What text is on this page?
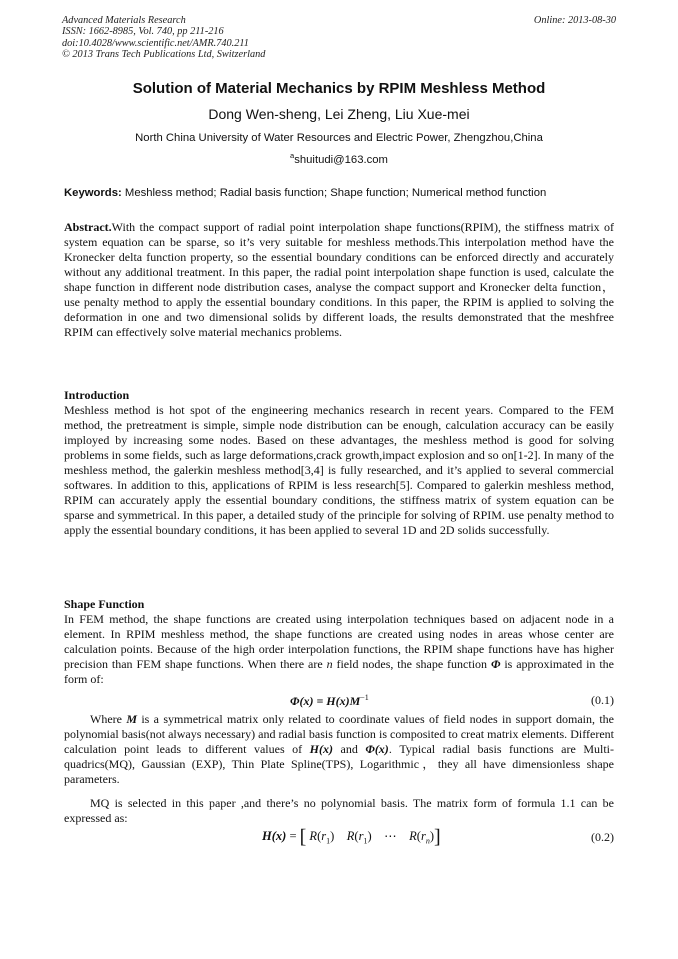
Advanced Materials Research
ISSN: 1662-8985, Vol. 740, pp 211-216
doi:10.4028/www.scientific.net/AMR.740.211
© 2013 Trans Tech Publications Ltd, Switzerland
Online: 2013-08-30
Solution of Material Mechanics by RPIM Meshless Method
Dong Wen-sheng, Lei Zheng, Liu Xue-mei
North China University of Water Resources and Electric Power, Zhengzhou,China
$^a$shuitudi@163.com
Keywords: Meshless method; Radial basis function; Shape function; Numerical method function
Abstract.With the compact support of radial point interpolation shape functions(RPIM), the stiffness matrix of system equation can be sparse, so it’s very suitable for meshless methods.This interpolation method have the Kronecker delta function property, so the essential boundary conditions can be enforced directly and accurately without any additional treatment. In this paper, the radial point interpolation shape function is used, calculate the shape function in different node distribution cases, analyse the compact support and Kronecker delta function，use penalty method to apply the essential boundary conditions. In this paper, the RPIM is applied to solving the deformation in one and two dimensional solids by different loads, the results demonstrated that the meshfree RPIM can effectively solve material mechanics problems.
Introduction
Meshless method is hot spot of the engineering mechanics research in recent years. Compared to the FEM method, the pretreatment is simple, simple node distribution can be enough, calculation accuracy can be easily imployed by increasing some nodes. Based on these advantages, the meshless method is good for solving problems in some fields, such as large deformations,crack growth,impact explosion and so on[1-2]. In many of the meshless method, the galerkin meshless method[3,4] is fully researched, and it’s applied to several commercial softwares. In addition to this, applications of RPIM is less research[5]. Compared to galerkin meshless method, RPIM can accurately apply the essential boundary conditions, the stiffness matrix of system equation can be sparse and symmetrical. In this paper, a detailed study of the principle for solving of RPIM. use penalty method to apply the essential boundary conditions, it has been applied to several 1D and 2D solids successfully.
Shape Function
In FEM method, the shape functions are created using interpolation techniques based on adjacent node in a element. In RPIM meshless method, the shape functions are created using nodes in areas whose center are calculation points. Because of the high order interpolation functions, the RPIM shape functions have has higher precision than FEM shape functions. When there are n field nodes, the shape function Φ is approximated in the form of:
$\Phi(x) = H(x)M^{-1}$	(0.1)
Where M is a symmetrical matrix only related to coordinate values of field nodes in support domain, the polynomial basis(not always necessary) and radial basis function is composited to creat matrix elements. Different calculation point leads to different values of H(x) and Φ(x). Typical radial basis functions are Multi-quadrics(MQ), Gaussian (EXP), Thin Plate Spline(TPS), Logarithmic，they all have dimensionless shape parameters.
MQ is selected in this paper ,and there’s no polynomial basis. The matrix form of formula 1.1 can be expressed as:
H(x) = [ $R(r_1)$    $R(r_1)$    ⋯ $R(r_n)$]	(0.2)
